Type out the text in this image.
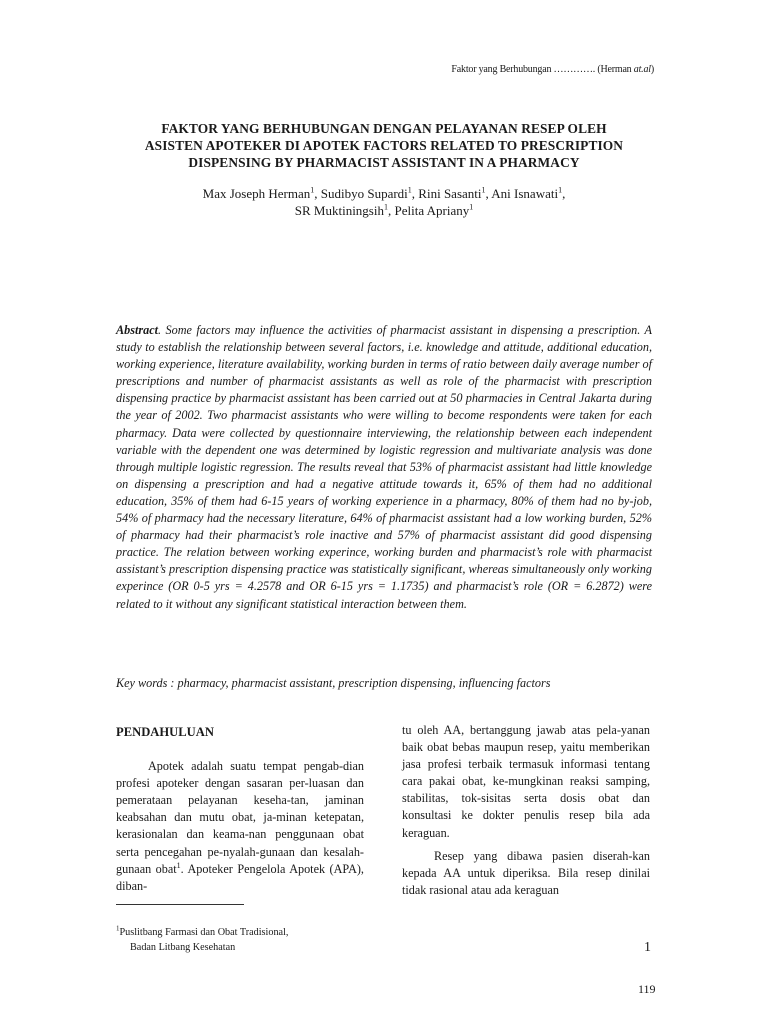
Faktor yang Berhubungan …………. (Herman at.al)
FAKTOR YANG BERHUBUNGAN DENGAN PELAYANAN RESEP OLEH
ASISTEN APOTEKER DI APOTEK FACTORS RELATED TO PRESCRIPTION
DISPENSING BY PHARMACIST ASSISTANT IN A PHARMACY
Max Joseph Herman$^1$, Sudibyo Supardi$^1$, Rini Sasanti$^1$, Ani Isnawati$^1$,
SR Muktiningsih$^1$, Pelita Apriany$^1$
Abstract. Some factors may influence the activities of pharmacist assistant in dispensing a prescription. A study to establish the relationship between several factors, i.e. knowledge and attitude, additional education, working experience, literature availability, working burden in terms of ratio between daily average number of prescriptions and number of pharmacist assistants as well as role of the pharmacist with prescription dispensing practice by pharmacist assistant has been carried out at 50 pharmacies in Central Jakarta during the year of 2002. Two pharmacist assistants who were willing to become respondents were taken for each pharmacy. Data were collected by questionnaire interviewing, the relationship between each independent variable with the dependent one was determined by logistic regression and multivariate analysis was done through multiple logistic regression. The results reveal that 53% of pharmacist assistant had little knowledge on dispensing a prescription and had a negative attitude towards it, 65% of them had no additional education, 35% of them had 6-15 years of working experience in a pharmacy, 80% of them had no by-job, 54% of pharmacy had the necessary literature, 64% of pharmacist assistant had a low working burden, 52% of pharmacy had their pharmacist’s role inactive and 57% of pharmacist assistant did good dispensing practice. The relation between working experince, working burden and pharmacist’s role with pharmacist assistant’s prescription dispensing practice was statistically significant, whereas simultaneously only working experince (OR 0-5 yrs = 4.2578 and OR 6-15 yrs = 1.1735) and pharmacist’s role (OR = 6.2872) were related to it without any significant statistical interaction between them.
Key words : pharmacy, pharmacist assistant, prescription dispensing, influencing factors
PENDAHULUAN

Apotek adalah suatu tempat pengab-dian profesi apoteker dengan sasaran per-luasan dan pemerataan pelayanan keseha-tan, jaminan keabsahan dan mutu obat, ja-minan ketepatan, kerasionalan dan keama-nan penggunaan obat serta pencegahan pe-nyalah-gunaan dan kesalah-gunaan obat$^1$. Apoteker Pengelola Apotek (APA), diban-

tu oleh AA, bertanggung jawab atas pela-yanan baik obat bebas maupun resep, yaitu memberikan jasa profesi terbaik termasuk informasi tentang cara pakai obat, ke-mungkinan reaksi samping, stabilitas, tok-sisitas serta dosis obat dan konsultasi ke dokter penulis resep bila ada keraguan.

Resep yang dibawa pasien diserah-kan kepada AA untuk diperiksa. Bila resep dinilai tidak rasional atau ada keraguan

$^1$Puslitbang Farmasi dan Obat Tradisional,
Badan Litbang Kesehatan	1
119
